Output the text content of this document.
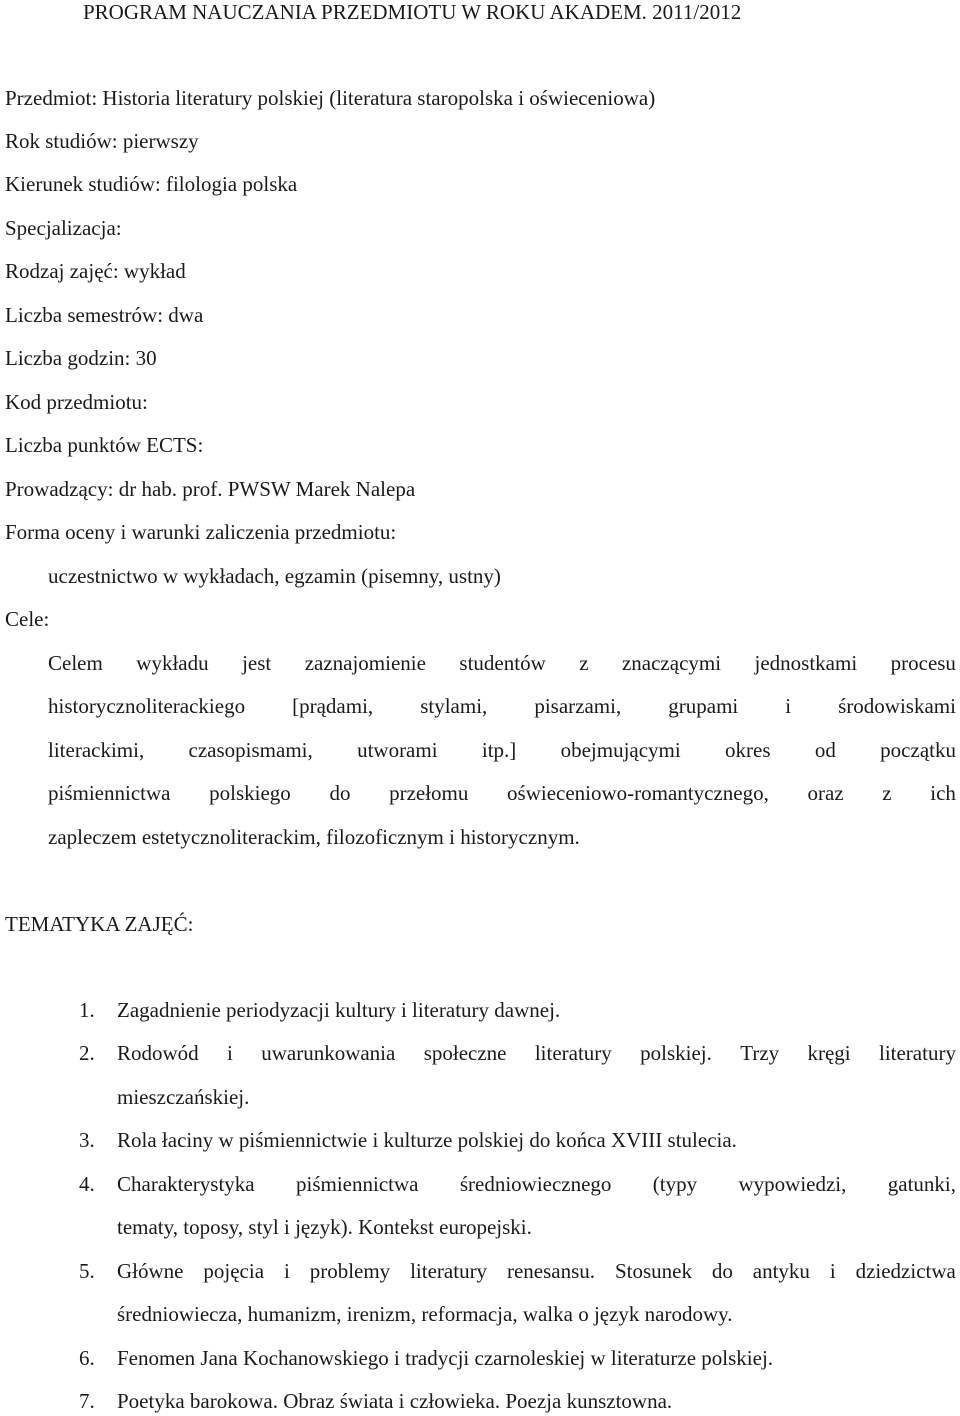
PROGRAM NAUCZANIA PRZEDMIOTU W ROKU AKADEM. 2011/2012
Przedmiot: Historia literatury polskiej (literatura staropolska i oświeceniowa)
Rok studiów: pierwszy
Kierunek studiów: filologia polska
Specjalizacja:
Rodzaj zajęć: wykład
Liczba semestrów: dwa
Liczba godzin: 30
Kod przedmiotu:
Liczba punktów ECTS:
Prowadzący: dr hab. prof. PWSW Marek Nalepa
Forma oceny i warunki zaliczenia przedmiotu:
uczestnictwo w wykładach, egzamin (pisemny, ustny)
Cele:
Celem wykładu jest zaznajomienie studentów z znaczącymi jednostkami procesu
historycznoliterackiego [prądami, stylami, pisarzami, grupami i środowiskami
literackimi, czasopismami, utworami itp.] obejmującymi okres od początku
piśmiennictwa polskiego do przełomu oświeceniowo-romantycznego, oraz z ich
zapleczem estetycznoliterackim, filozoficznym i historycznym.
TEMATYKA ZAJĘĆ:
1. Zagadnienie periodyzacji kultury i literatury dawnej.
2. Rodowód i uwarunkowania społeczne literatury polskiej. Trzy kręgi literatury
mieszczańskiej.
3. Rola łaciny w piśmiennictwie i kulturze polskiej do końca XVIII stulecia.
4. Charakterystyka piśmiennictwa średniowiecznego (typy wypowiedzi, gatunki,
tematy, toposy, styl i język). Kontekst europejski.
5. Główne pojęcia i problemy literatury renesansu. Stosunek do antyku i dziedzictwa
średniowiecza, humanizm, irenizm, reformacja, walka o język narodowy.
6. Fenomen Jana Kochanowskiego i tradycji czarnoleskiej w literaturze polskiej.
7. Poetyka barokowa. Obraz świata i człowieka. Poezja kunsztowna.
